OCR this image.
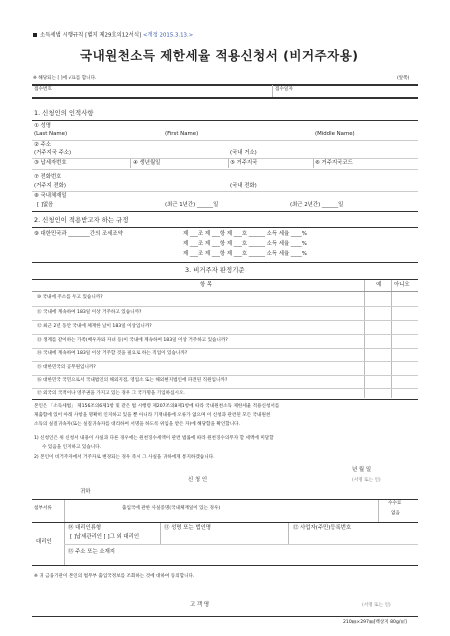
소득세법 시행규칙 [별지 제29호의12서식] <개정 2015.3.13.>
국내원천소득 제한세율 적용신청서 (비거주자용)
※ 해당되는 [ ]에 √표를 합니다.	(앞쪽)
접수번호	접수일자
1. 신청인의 인적사항
① 성명
(Last Name)	(First Name)	(Middle Name)
② 주소
(거주지국 주소)	(국내 거소)
③ 납세자번호	④ 생년월일	⑤ 거주지국	⑥ 거주지국코드
⑦ 전화번호
(거주지 전화)	(국내 전화)
⑧ 국내체재일
[ ]없음	(최근 1년간) ______일	(최근 2년간) ______일
2. 신청인이 적용받고자 하는 규정
⑨ 대한민국과 ________간의 조세조약	제 ___조 제 ___항 제 ___호 ______ 소득 세율 ____%
제 ___조 제 ___항 제 ___호 ______ 소득 세율 ____%
제 ___조 제 ___항 제 ___호 ______ 소득 세율 ____%
3. 비거주자 판정기준
항 목	예 아니오
⑩ 국내에 주소를 두고 있습니까?
⑪ 국내에 계속하여 183일 이상 거주하고 있습니까?
⑫ 최근 2년 동안 국내에 체재한 날이 183일 이상입니까?
⑬ 생계를 같이하는 가족(배우자와 자녀 등)이 국내에 계속하여 183일 이상 거주하고 있습니까?
⑭ 국내에 계속하여 183일 이상 거주할 것을 필요로 하는 직업이 있습니까?
⑮ 대한민국의 공무원입니까?
⑯ 대한민국 국민으로서 국내법인의 해외지점, 영업소 또는 해외현지법인에 파견된 직원입니까?
⑰ 외국의 국적이나 영주권을 가지고 있는 경우 그 국가명을 기입하십시오.
본인은 「소득세법」 제156조의6제1항 및 같은 법 시행령 제207조의8제1항에 따라 국내원천소득 제한세율 적용신청서를
제출함에 있어 아래 사항을 명확히 인지하고 있을 뿐 아니라 기재내용에 오류가 없으며 이 신청과 관련된 모든 국내원천
소득의 실질귀속자(또는 실질귀속자를 대리하여 서명을 하도록 위임을 받은 자)에 해당함을 확인합니다.
1) 신청인은 위 신청서 내용이 사실과 다른 경우에는 원천징수세액이 관련 법률에 따라 원천징수의무자 할 세액에 미달할
수 있음을 인지하고 있습니다.
2) 본인이 비거주자에서 거주자로 변경되는 경우 즉시 그 사실을 귀하에게 통지하겠습니다.
년 월 일
신 청 인	(서명 또는 인)
귀하
첨부서류	출입국에 관한 사실증명(국내체재일이 있는 경우)
수수료
없음
대리인
⑱ 대리인류형
[ ]납세관리인 [ ]그 외 대리인
⑪ 성명 또는 법인명	⑫ 사업자(주민)등록번호
⑬ 주소 또는 소재지
※ 귀 금융기관이 본인의 법무부 출입국정보를 조회하는 것에 대하여 동의합니다.
고 객 명	(서명 또는 인)
210㎜×297㎜[백상지 80g/㎡]
